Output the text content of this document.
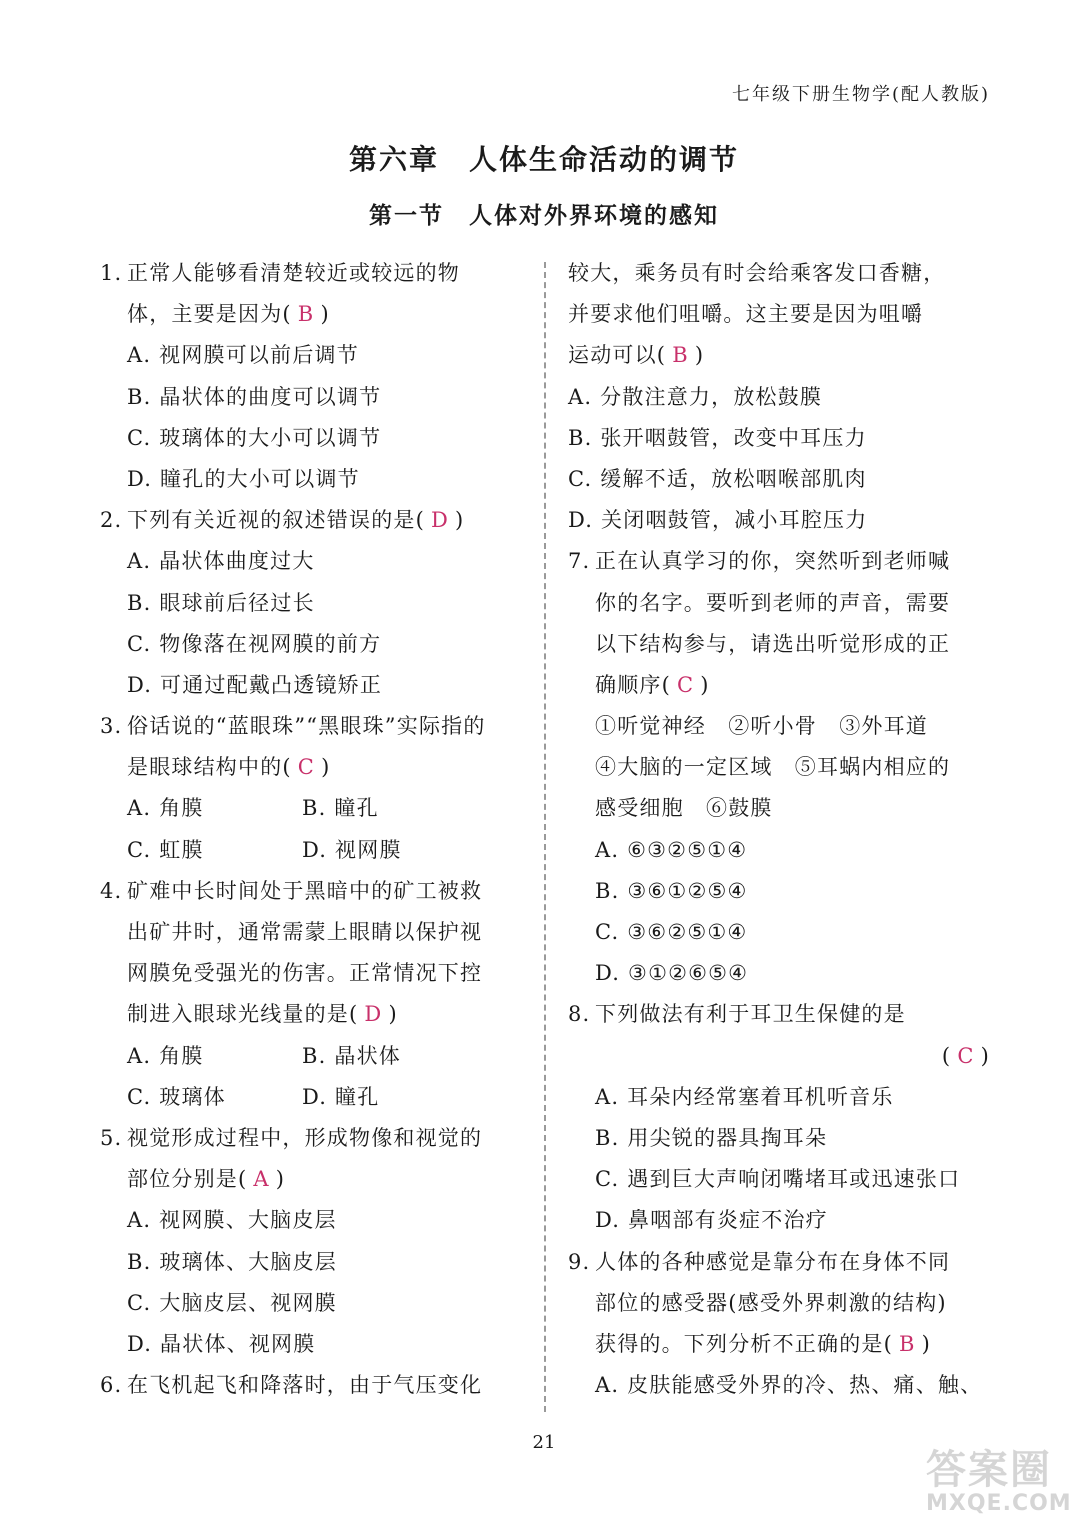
七年级下册生物学(配人教版)
第六章　人体生命活动的调节
第一节　人体对外界环境的感知
1. 正常人能够看清楚较近或较远的物
体，主要是因为( B )
A. 视网膜可以前后调节
B. 晶状体的曲度可以调节
C. 玻璃体的大小可以调节
D. 瞳孔的大小可以调节
2. 下列有关近视的叙述错误的是( D )
A. 晶状体曲度过大
B. 眼球前后径过长
C. 物像落在视网膜的前方
D. 可通过配戴凸透镜矫正
3. 俗话说的“蓝眼珠”“黑眼珠”实际指的
是眼球结构中的( C )
A. 角膜	B. 瞳孔
C. 虹膜	D. 视网膜
4. 矿难中长时间处于黑暗中的矿工被救
出矿井时，通常需蒙上眼睛以保护视
网膜免受强光的伤害。正常情况下控
制进入眼球光线量的是( D )
A. 角膜	B. 晶状体
C. 玻璃体	D. 瞳孔
5. 视觉形成过程中，形成物像和视觉的
部位分别是( A )
A. 视网膜、大脑皮层
B. 玻璃体、大脑皮层
C. 大脑皮层、视网膜
D. 晶状体、视网膜
6. 在飞机起飞和降落时，由于气压变化
较大，乘务员有时会给乘客发口香糖，
并要求他们咀嚼。这主要是因为咀嚼
运动可以( B )
A. 分散注意力，放松鼓膜
B. 张开咽鼓管，改变中耳压力
C. 缓解不适，放松咽喉部肌肉
D. 关闭咽鼓管，减小耳腔压力
7. 正在认真学习的你，突然听到老师喊
你的名字。要听到老师的声音，需要
以下结构参与，请选出听觉形成的正
确顺序( C )
①听觉神经　②听小骨　③外耳道
④大脑的一定区域　⑤耳蜗内相应的
感受细胞　⑥鼓膜
A. ⑥③②⑤①④
B. ③⑥①②⑤④
C. ③⑥②⑤①④
D. ③①②⑥⑤④
8. 下列做法有利于耳卫生保健的是
( C )
A. 耳朵内经常塞着耳机听音乐
B. 用尖锐的器具掏耳朵
C. 遇到巨大声响闭嘴堵耳或迅速张口
D. 鼻咽部有炎症不治疗
9. 人体的各种感觉是靠分布在身体不同
部位的感受器(感受外界刺激的结构)
获得的。下列分析不正确的是( B )
A. 皮肤能感受外界的冷、热、痛、触、
21
答案圈
MXQE.COM
